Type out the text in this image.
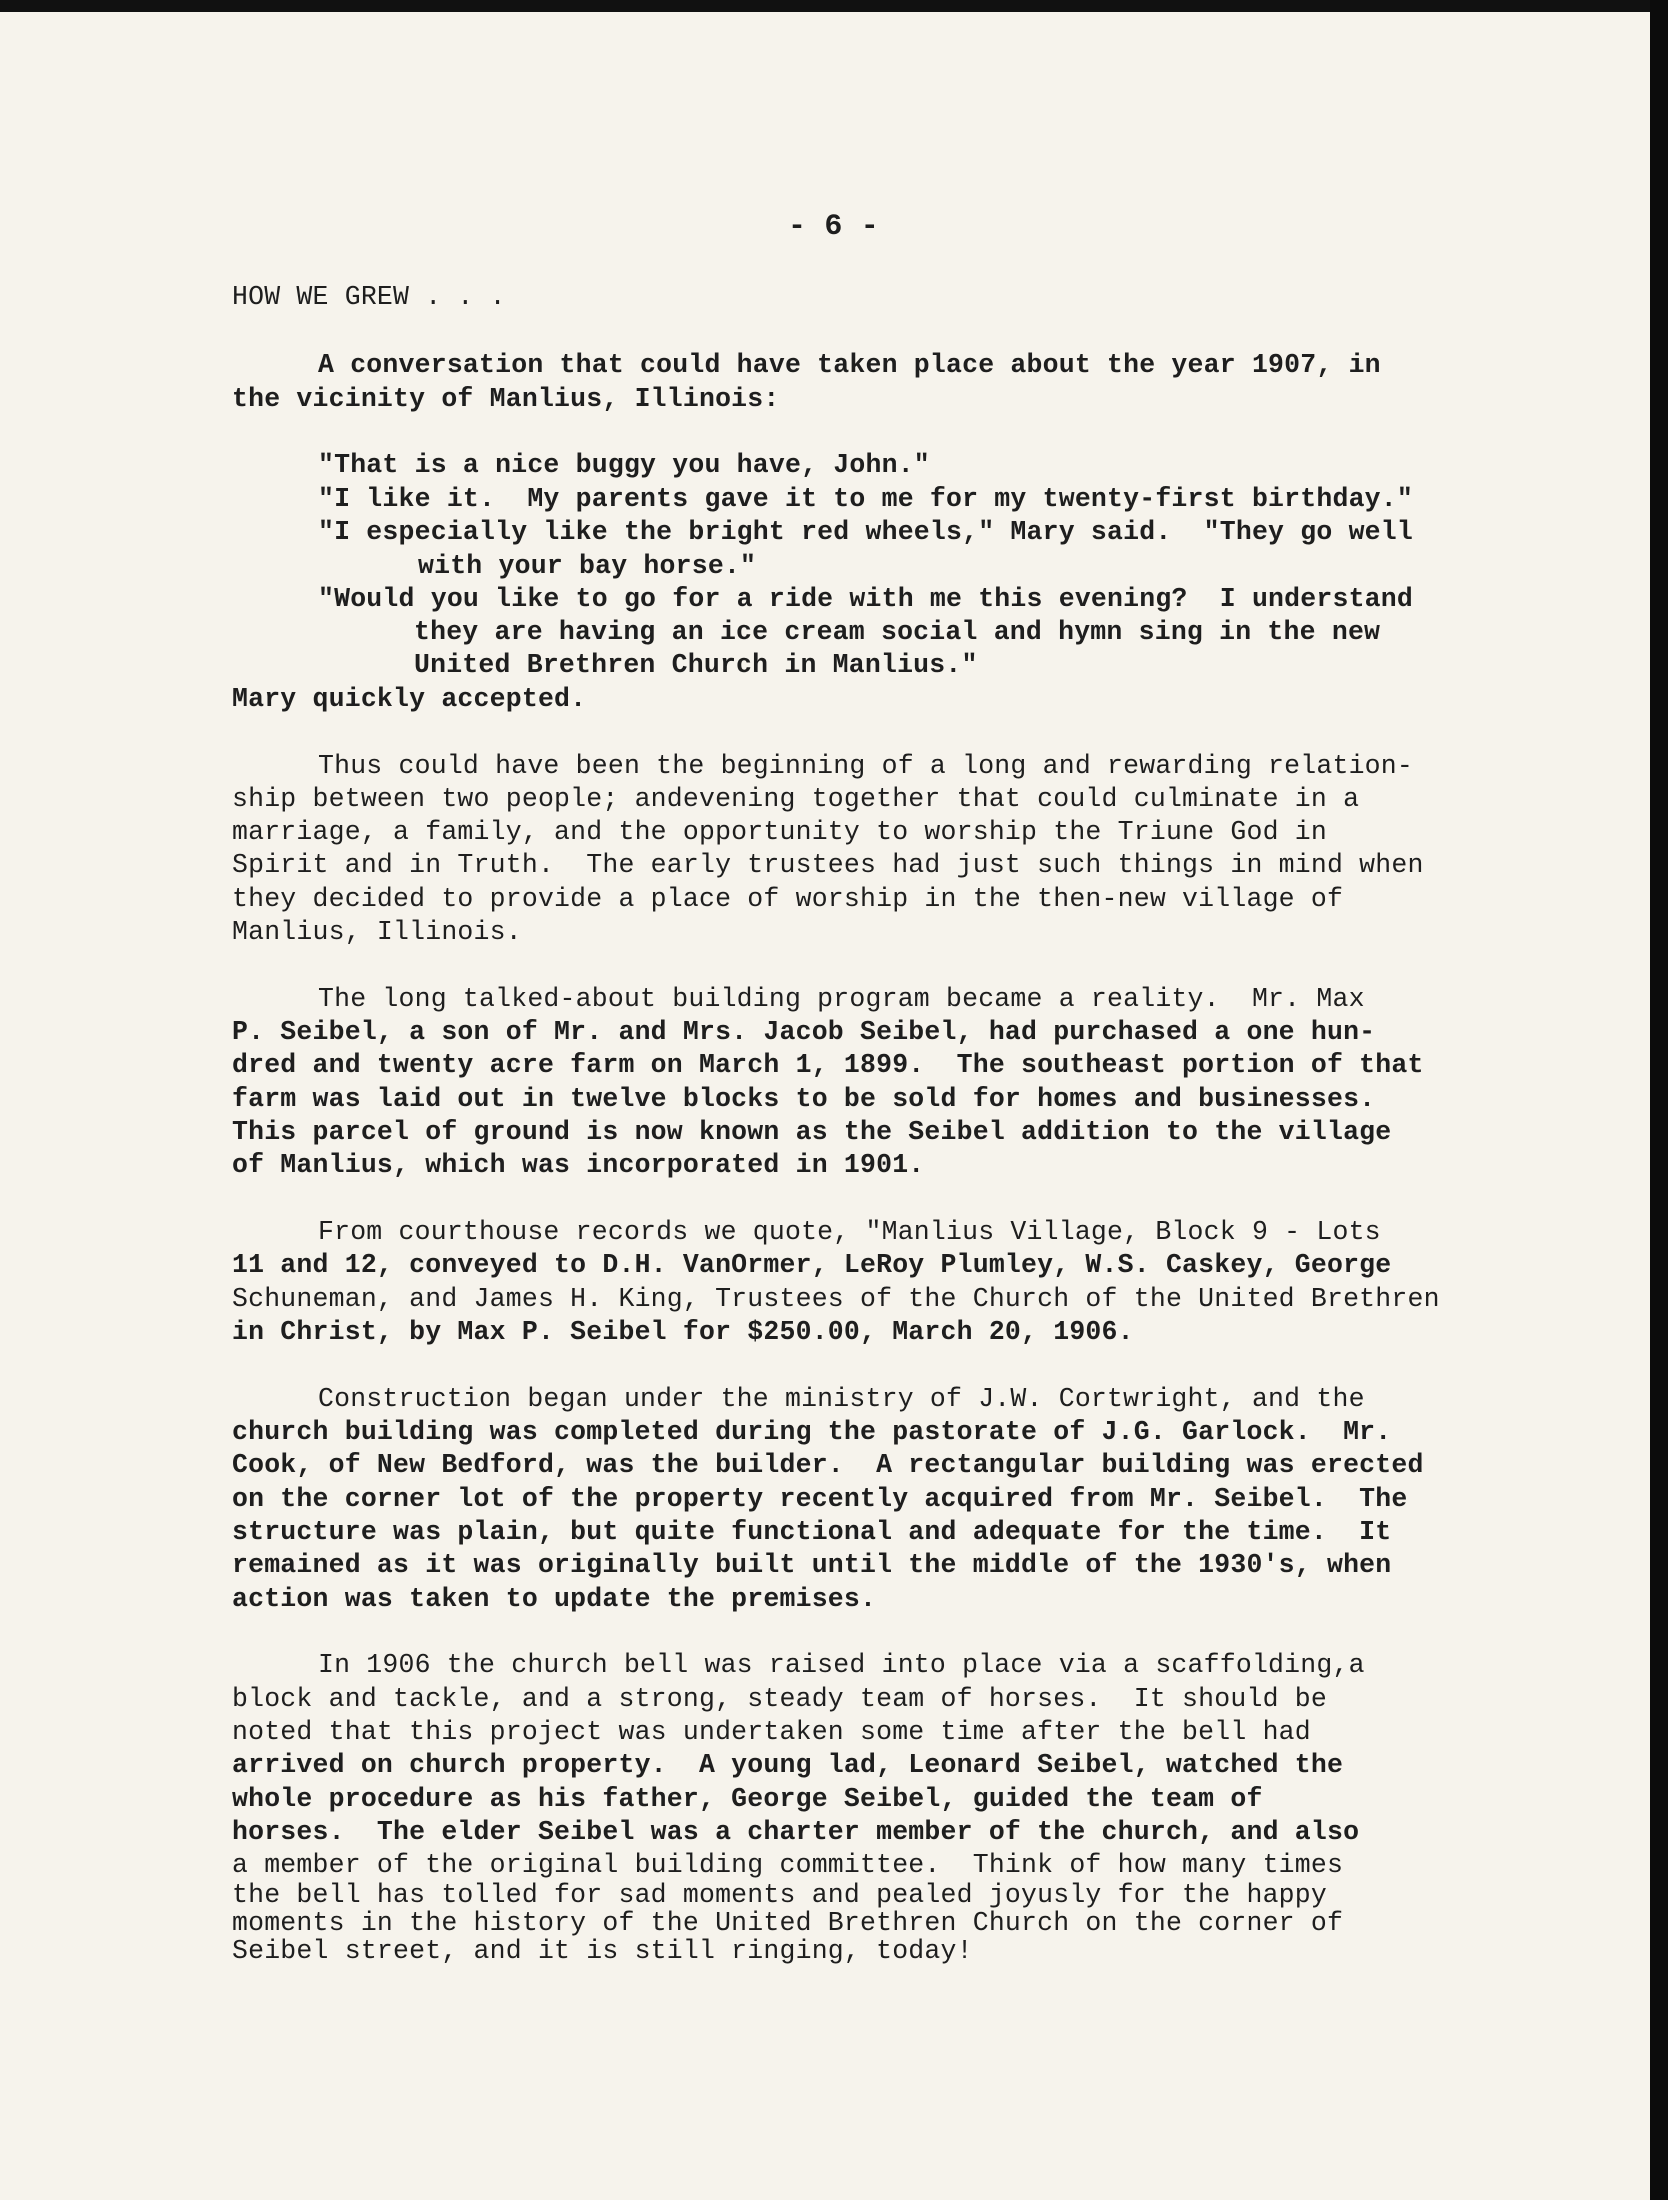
- 6 -
HOW WE GREW . . .
A conversation that could have taken place about the year 1907, in
the vicinity of Manlius, Illinois:
"That is a nice buggy you have, John."
"I like it.  My parents gave it to me for my twenty-first birthday."
"I especially like the bright red wheels," Mary said.  "They go well
with your bay horse."
"Would you like to go for a ride with me this evening?  I understand
they are having an ice cream social and hymn sing in the new
United Brethren Church in Manlius."
Mary quickly accepted.
Thus could have been the beginning of a long and rewarding relation-
ship between two people; andevening together that could culminate in a
marriage, a family, and the opportunity to worship the Triune God in
Spirit and in Truth.  The early trustees had just such things in mind when
they decided to provide a place of worship in the then-new village of
Manlius, Illinois.
The long talked-about building program became a reality.  Mr. Max
P. Seibel, a son of Mr. and Mrs. Jacob Seibel, had purchased a one hun-
dred and twenty acre farm on March 1, 1899.  The southeast portion of that
farm was laid out in twelve blocks to be sold for homes and businesses.
This parcel of ground is now known as the Seibel addition to the village
of Manlius, which was incorporated in 1901.
From courthouse records we quote, "Manlius Village, Block 9 - Lots
11 and 12, conveyed to D.H. VanOrmer, LeRoy Plumley, W.S. Caskey, George
Schuneman, and James H. King, Trustees of the Church of the United Brethren
in Christ, by Max P. Seibel for $250.00, March 20, 1906.
Construction began under the ministry of J.W. Cortwright, and the
church building was completed during the pastorate of J.G. Garlock.  Mr.
Cook, of New Bedford, was the builder.  A rectangular building was erected
on the corner lot of the property recently acquired from Mr. Seibel.  The
structure was plain, but quite functional and adequate for the time.  It
remained as it was originally built until the middle of the 1930's, when
action was taken to update the premises.
In 1906 the church bell was raised into place via a scaffolding,a
block and tackle, and a strong, steady team of horses.  It should be
noted that this project was undertaken some time after the bell had
arrived on church property.  A young lad, Leonard Seibel, watched the
whole procedure as his father, George Seibel, guided the team of
horses.  The elder Seibel was a charter member of the church, and also
a member of the original building committee.  Think of how many times
the bell has tolled for sad moments and pealed joyusly for the happy
moments in the history of the United Brethren Church on the corner of
Seibel street, and it is still ringing, today!
